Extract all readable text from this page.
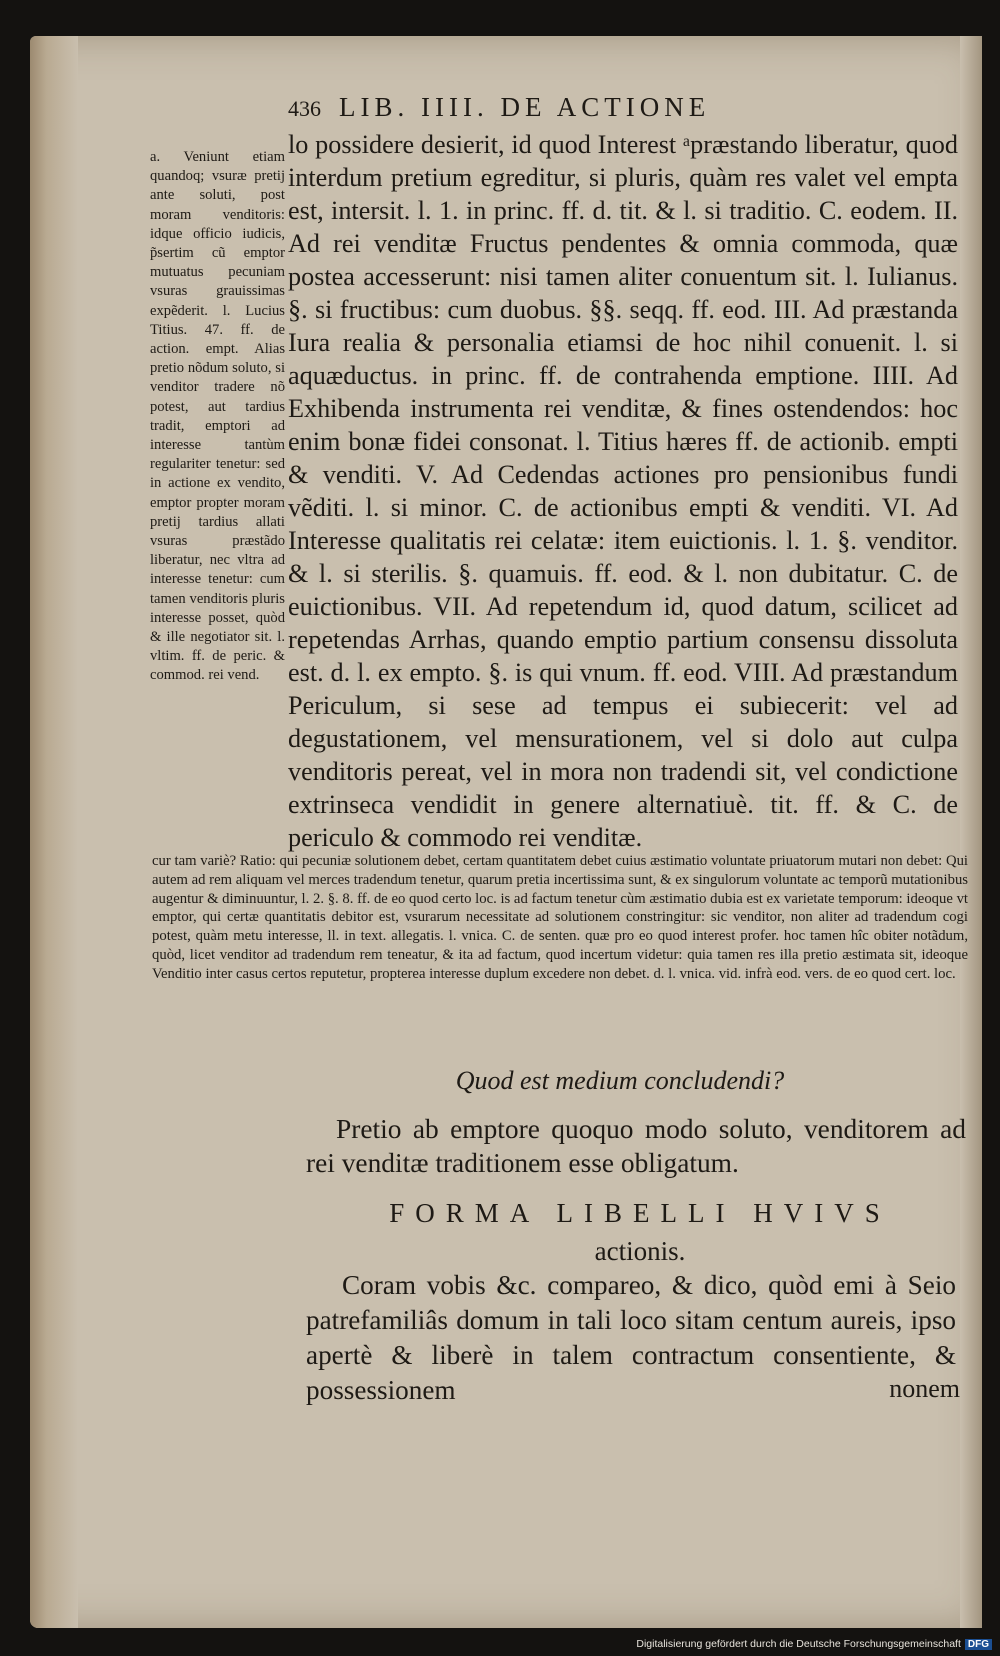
436 LIB. IIII. DE ACTIONE

a. Veniunt etiam quandoq; vsuræ pretij ante soluti, post moram venditoris: idque officio iudicis, p̃sertim cũ emptor mutuatus pecuniam vsuras grauissimas expẽderit. l. Lucius Titius. 47. ff. de action. empt. Alias pretio nõdum soluto, si venditor tradere nõ potest, aut tardius tradit, emptori ad interesse tantùm regulariter tenetur: sed in actione ex vendito, emptor propter moram pretij tardius allati vsuras præstãdo liberatur, nec vltra ad interesse tenetur: cum tamen venditoris pluris interesse posset, quòd & ille negotiator sit. l. vltim. ff. de peric. & commod. rei vend.

lo possidere desierit, id quod Interest ᵃpræstando liberatur, quod interdum pretium egreditur, si pluris, quàm res valet vel empta est, intersit. l. 1. in princ. ff. d. tit. & l. si traditio. C. eodem. II. Ad rei venditæ Fructus pendentes & omnia commoda, quæ postea accesserunt: nisi tamen aliter conuentum sit. l. Iulianus. §. si fructibus: cum duobus. §§. seqq. ff. eod. III. Ad præstanda Iura realia & personalia etiamsi de hoc nihil conuenit. l. si aquæductus. in princ. ff. de contrahenda emptione. IIII. Ad Exhibenda instrumenta rei venditæ, & fines ostendendos: hoc enim bonæ fidei consonat. l. Titius hæres ff. de actionib. empti & venditi. V. Ad Cedendas actiones pro pensionibus fundi vẽditi. l. si minor. C. de actionibus empti & venditi. VI. Ad Interesse qualitatis rei celatæ: item euictionis. l. 1. §. venditor. & l. si sterilis. §. quamuis. ff. eod. & l. non dubitatur. C. de euictionibus. VII. Ad repetendum id, quod datum, scilicet ad repetendas Arrhas, quando emptio partium consensu dissoluta est. d. l. ex empto. §. is qui vnum. ff. eod. VIII. Ad præstandum Periculum, si sese ad tempus ei subiecerit: vel ad degustationem, vel mensurationem, vel si dolo aut culpa venditoris pereat, vel in mora non tradendi sit, vel condictione extrinseca vendidit in genere alternatiuè. tit. ff. & C. de periculo & commodo rei venditæ.

cur tam variè? Ratio: qui pecuniæ solutionem debet, certam quantitatem debet cuius æstimatio voluntate priuatorum mutari non debet: Qui autem ad rem aliquam vel merces tradendum tenetur, quarum pretia incertissima sunt, & ex singulorum voluntate ac temporũ mutationibus augentur & diminuuntur, l. 2. §. 8. ff. de eo quod certo loc. is ad factum tenetur cùm æstimatio dubia est ex varietate temporum: ideoque vt emptor, qui certæ quantitatis debitor est, vsurarum necessitate ad solutionem constringitur: sic venditor, non aliter ad tradendum cogi potest, quàm metu interesse, ll. in text. allegatis. l. vnica. C. de senten. quæ pro eo quod interest profer. hoc tamen hîc obiter notãdum, quòd, licet venditor ad tradendum rem teneatur, & ita ad factum, quod incertum videtur: quia tamen res illa pretio æstimata sit, ideoque Venditio inter casus certos reputetur, propterea interesse duplum excedere non debet. d. l. vnica. vid. infrà eod. vers. de eo quod cert. loc.

Quod est medium concludendi?

Pretio ab emptore quoquo modo soluto, venditorem ad rei venditæ traditionem esse obligatum.

FORMA LIBELLI HVIVS
actionis.

Coram vobis &c. compareo, & dico, quòd emi à Seio patrefamiliâs domum in tali loco sitam centum aureis, ipso apertè & liberè in talem contractum consentiente, & possessionem	nonem
Digitalisierung gefördert durch die Deutsche Forschungsgemeinschaft DFG
